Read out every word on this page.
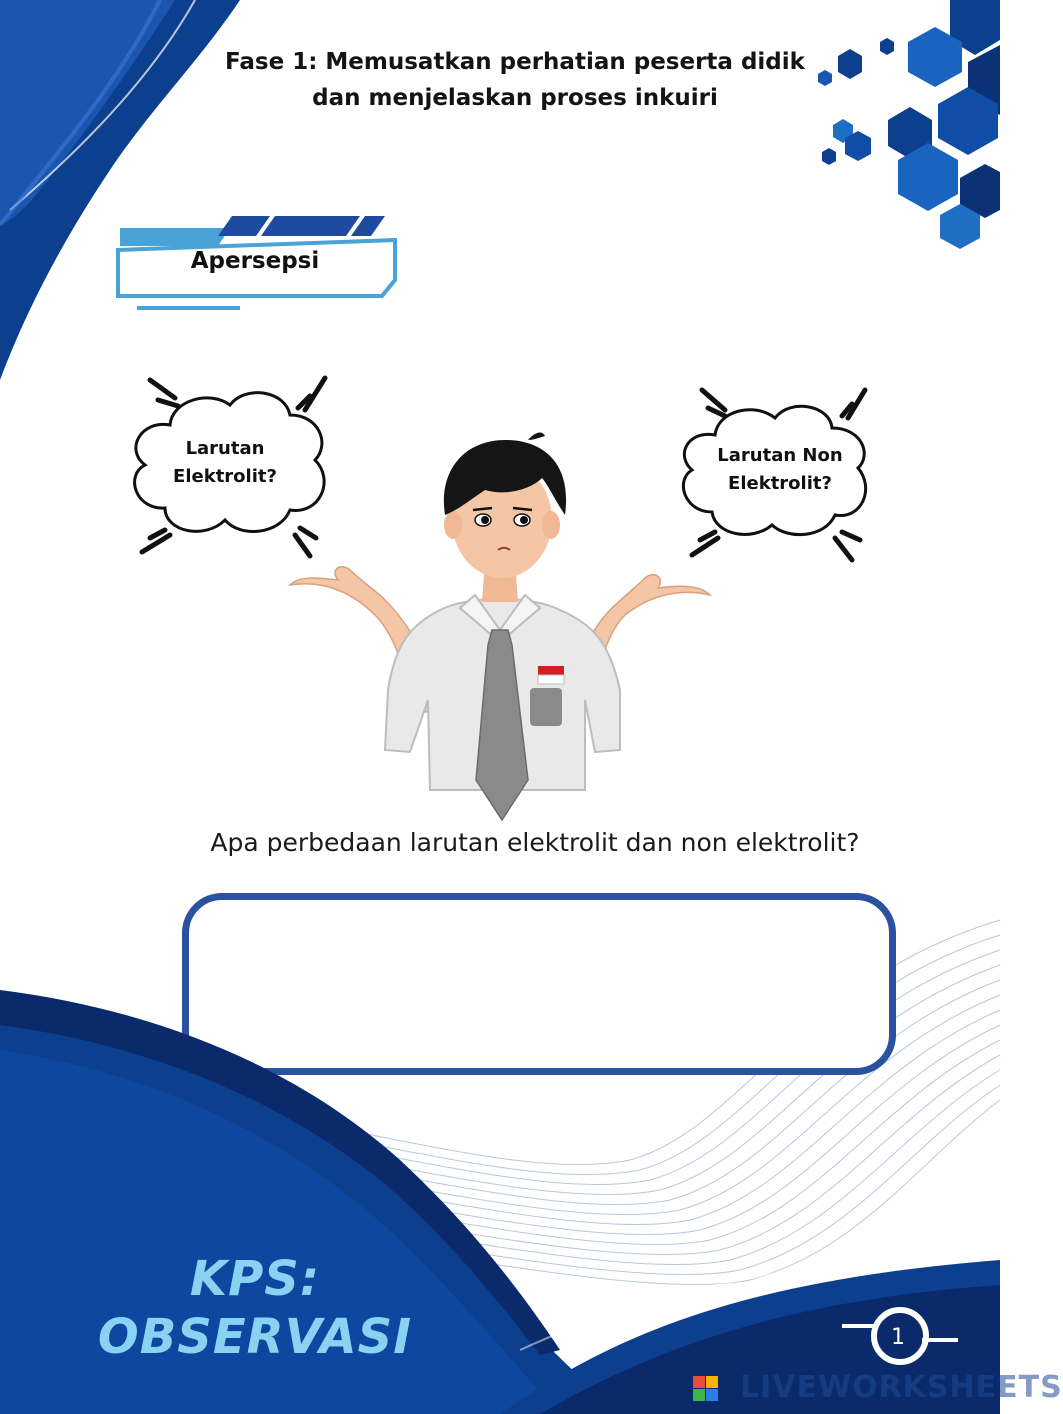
Fase 1: Memusatkan perhatian peserta didik
dan menjelaskan proses inkuiri
Apersepsi
Larutan
Elektrolit?
Larutan Non
Elektrolit?
Apa perbedaan larutan elektrolit dan non elektrolit?
KPS:
OBSERVASI	1
LIVEWORKSHEETS
